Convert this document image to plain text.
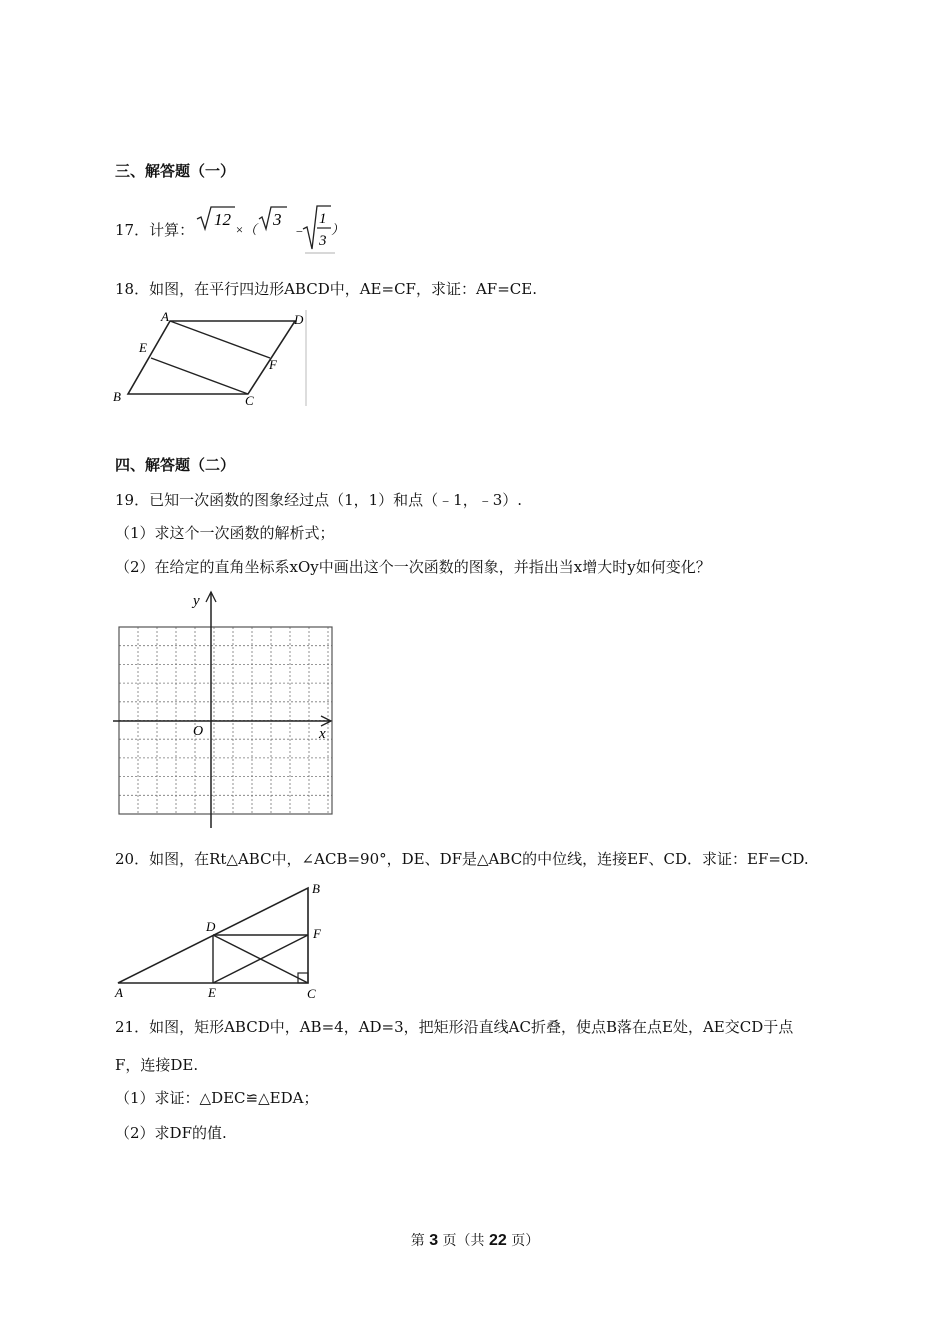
三、解答题（一）
17．计算：
12
×（
3
﹣
1
3
）
18．如图，在平行四边形ABCD中，AE=CF，求证：AF=CE.
A	D
E
F
B	C
四、解答题（二）
19．已知一次函数的图象经过点（1，1）和点（﹣1，﹣3）.
（1）求这个一次函数的解析式；
（2）在给定的直角坐标系xOy中画出这个一次函数的图象，并指出当x增大时y如何变化？
y
x
O
20．如图，在Rt△ABC中，∠ACB=90°，DE、DF是△ABC的中位线，连接EF、CD．求证：EF=CD.
A
B
C
D
E
F
21．如图，矩形ABCD中，AB=4，AD=3，把矩形沿直线AC折叠，使点B落在点E处，AE交CD于点
F，连接DE.
（1）求证：△DEC≌△EDA；
（2）求DF的值.
第 3 页（共 22 页）
